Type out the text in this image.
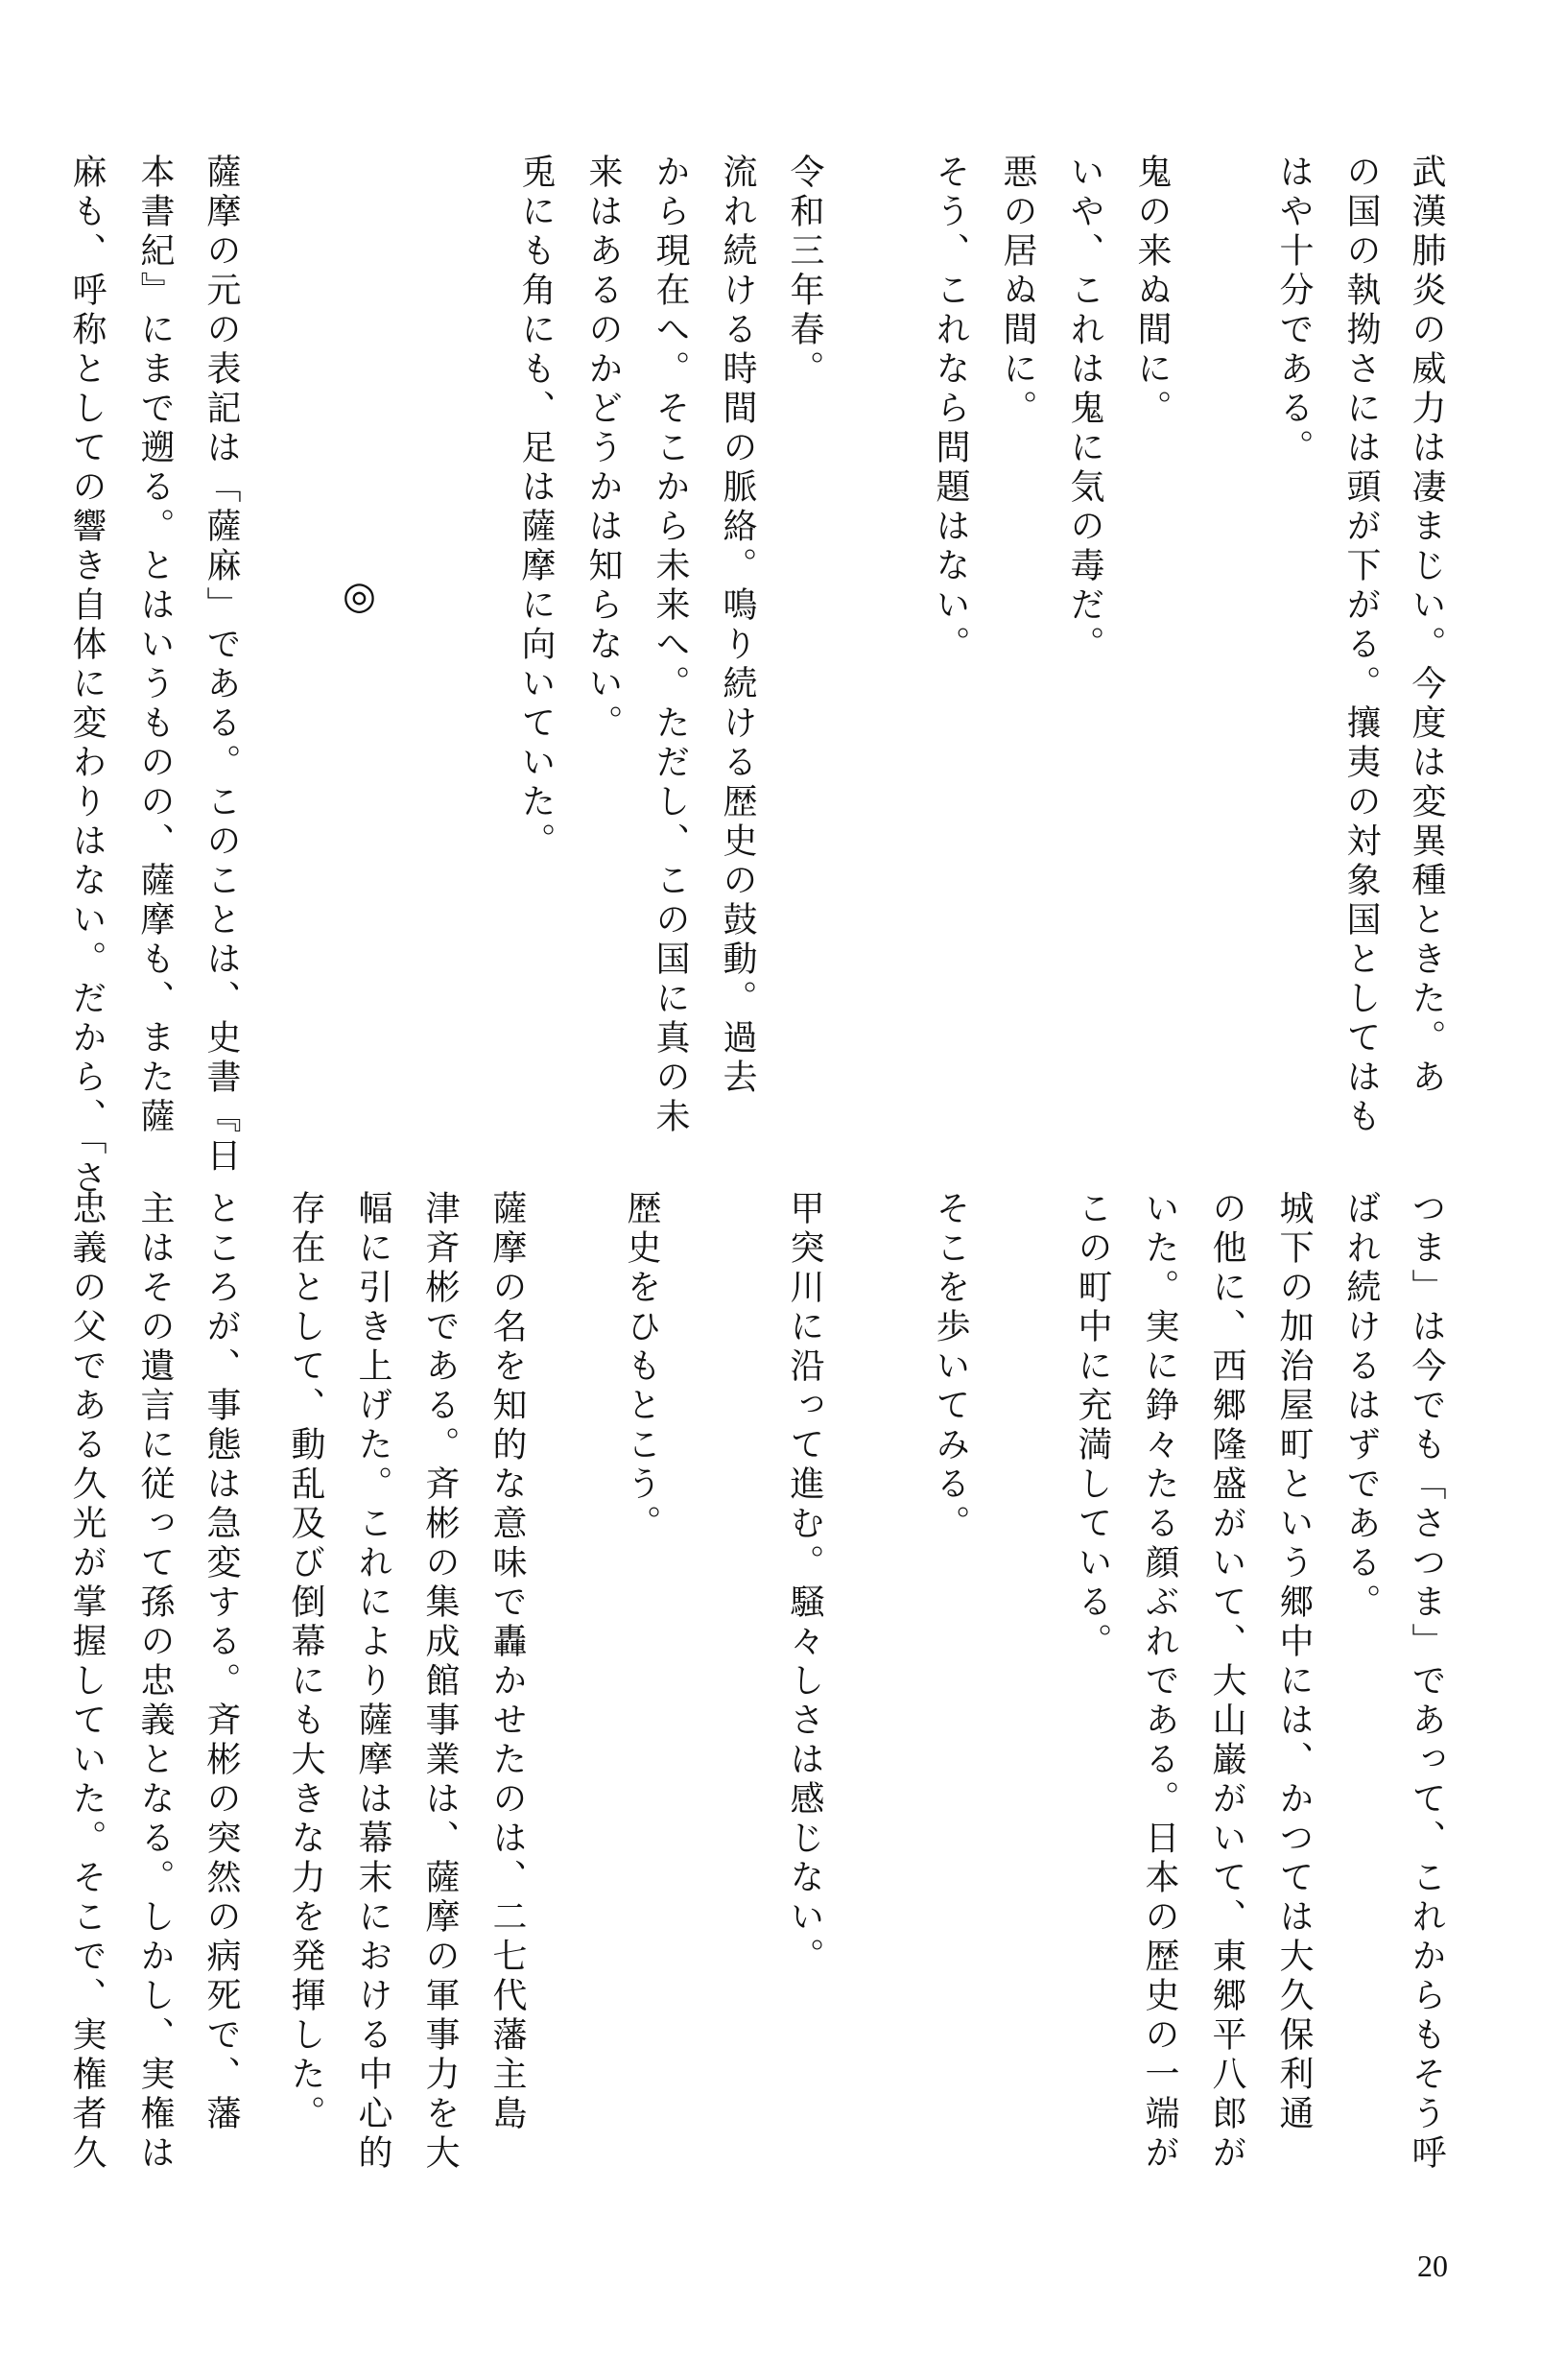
武漢肺炎の威力は凄まじい。今度は変異種ときた。あ
の国の執拗さには頭が下がる。攘夷の対象国としてはも
はや十分である。
鬼の来ぬ間に。
いや、これは鬼に気の毒だ。
悪の居ぬ間に。
そう、これなら問題はない。
令和三年春。
流れ続ける時間の脈絡。鳴り続ける歴史の鼓動。過去
から現在へ。そこから未来へ。ただし、この国に真の未
来はあるのかどうかは知らない。
兎にも角にも、足は薩摩に向いていた。
◎
薩摩の元の表記は「薩麻」である。このことは、史書『日
本書紀』にまで遡る。とはいうものの、薩摩も、また薩
麻も、呼称としての響き自体に変わりはない。だから、「さ
つま」は今でも「さつま」であって、これからもそう呼
ばれ続けるはずである。
城下の加治屋町という郷中には、かつては大久保利通
の他に、西郷隆盛がいて、大山巌がいて、東郷平八郎が
いた。実に錚々たる顔ぶれである。日本の歴史の一端が
この町中に充満している。
そこを歩いてみる。
甲突川に沿って進む。騒々しさは感じない。
歴史をひもとこう。
薩摩の名を知的な意味で轟かせたのは、二七代藩主島
津斉彬である。斉彬の集成館事業は、薩摩の軍事力を大
幅に引き上げた。これにより薩摩は幕末における中心的
存在として、動乱及び倒幕にも大きな力を発揮した。
ところが、事態は急変する。斉彬の突然の病死で、藩
主はその遺言に従って孫の忠義となる。しかし、実権は
忠義の父である久光が掌握していた。そこで、実権者久
20
